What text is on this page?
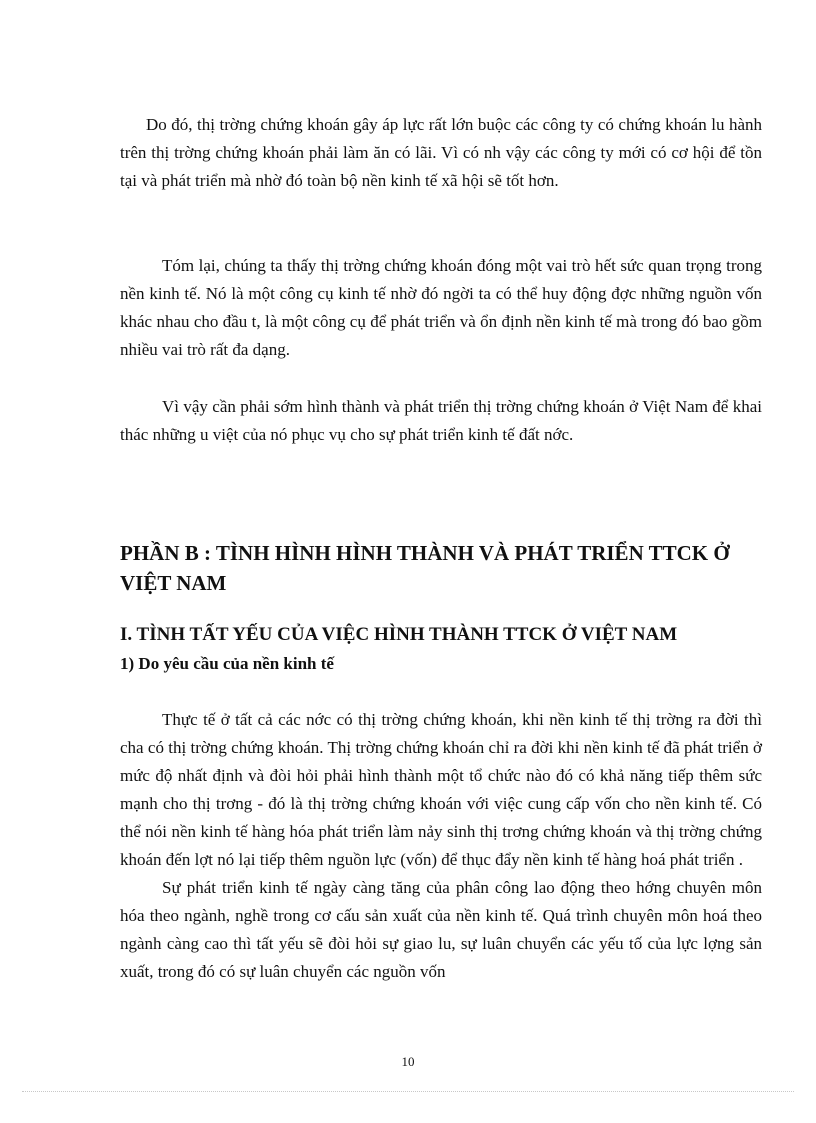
Do đó, thị trờng chứng khoán gây áp lực rất lớn buộc các công ty có chứng khoán lu hành trên thị trờng chứng khoán phải làm ăn có lãi. Vì có nh vậy các công ty mới có cơ hội để tồn tại và phát triển mà nhờ đó toàn bộ nền kinh tế xã hội sẽ tốt hơn.

Tóm lại, chúng ta thấy thị trờng chứng khoán đóng một vai trò hết sức quan trọng trong nền kinh tế. Nó là một công cụ kinh tế nhờ đó ngời ta có thể huy động đợc những nguồn vốn khác nhau cho đầu t, là một công cụ để phát triển và ổn định nền kinh tế mà trong đó bao gồm nhiều vai trò rất đa dạng.

Vì vậy cần phải sớm hình thành và phát triển thị trờng chứng khoán ở Việt Nam để khai thác những u việt của nó phục vụ cho sự phát triển kinh tế đất nớc.

PHẦN B : TÌNH HÌNH HÌNH THÀNH VÀ PHÁT TRIỂN TTCK Ở VIỆT NAM
I. TÌNH TẤT YẾU CỦA VIỆC HÌNH THÀNH TTCK Ở VIỆT NAM
1) Do yêu cầu của nền kinh tế

Thực tế ở tất cả các nớc có thị trờng chứng khoán, khi nền kinh tế thị trờng ra đời thì cha có thị trờng chứng khoán. Thị trờng chứng khoán chỉ ra đời khi nền kinh tế đã phát triển ở mức độ nhất định và đòi hỏi phải hình thành một tổ chức nào đó có khả năng tiếp thêm sức mạnh cho thị trơng - đó là thị trờng chứng khoán với việc cung cấp vốn cho nền kinh tế. Có thể nói nền kinh tế hàng hóa phát triển làm nảy sinh thị trơng chứng khoán và thị trờng chứng khoán đến lợt nó lại tiếp thêm nguồn lực (vốn) để thục đẩy nền kinh tế hàng hoá phát triển .

Sự phát triển kinh tế ngày càng tăng của phân công lao động theo hớng chuyên môn hóa theo ngành, nghề trong cơ cấu sản xuất của nền kinh tế. Quá trình chuyên môn hoá theo ngành càng cao thì tất yếu sẽ đòi hỏi sự giao lu, sự luân chuyển các yếu tố của lực lợng sản xuất, trong đó có sự luân chuyển các nguồn vốn

10
